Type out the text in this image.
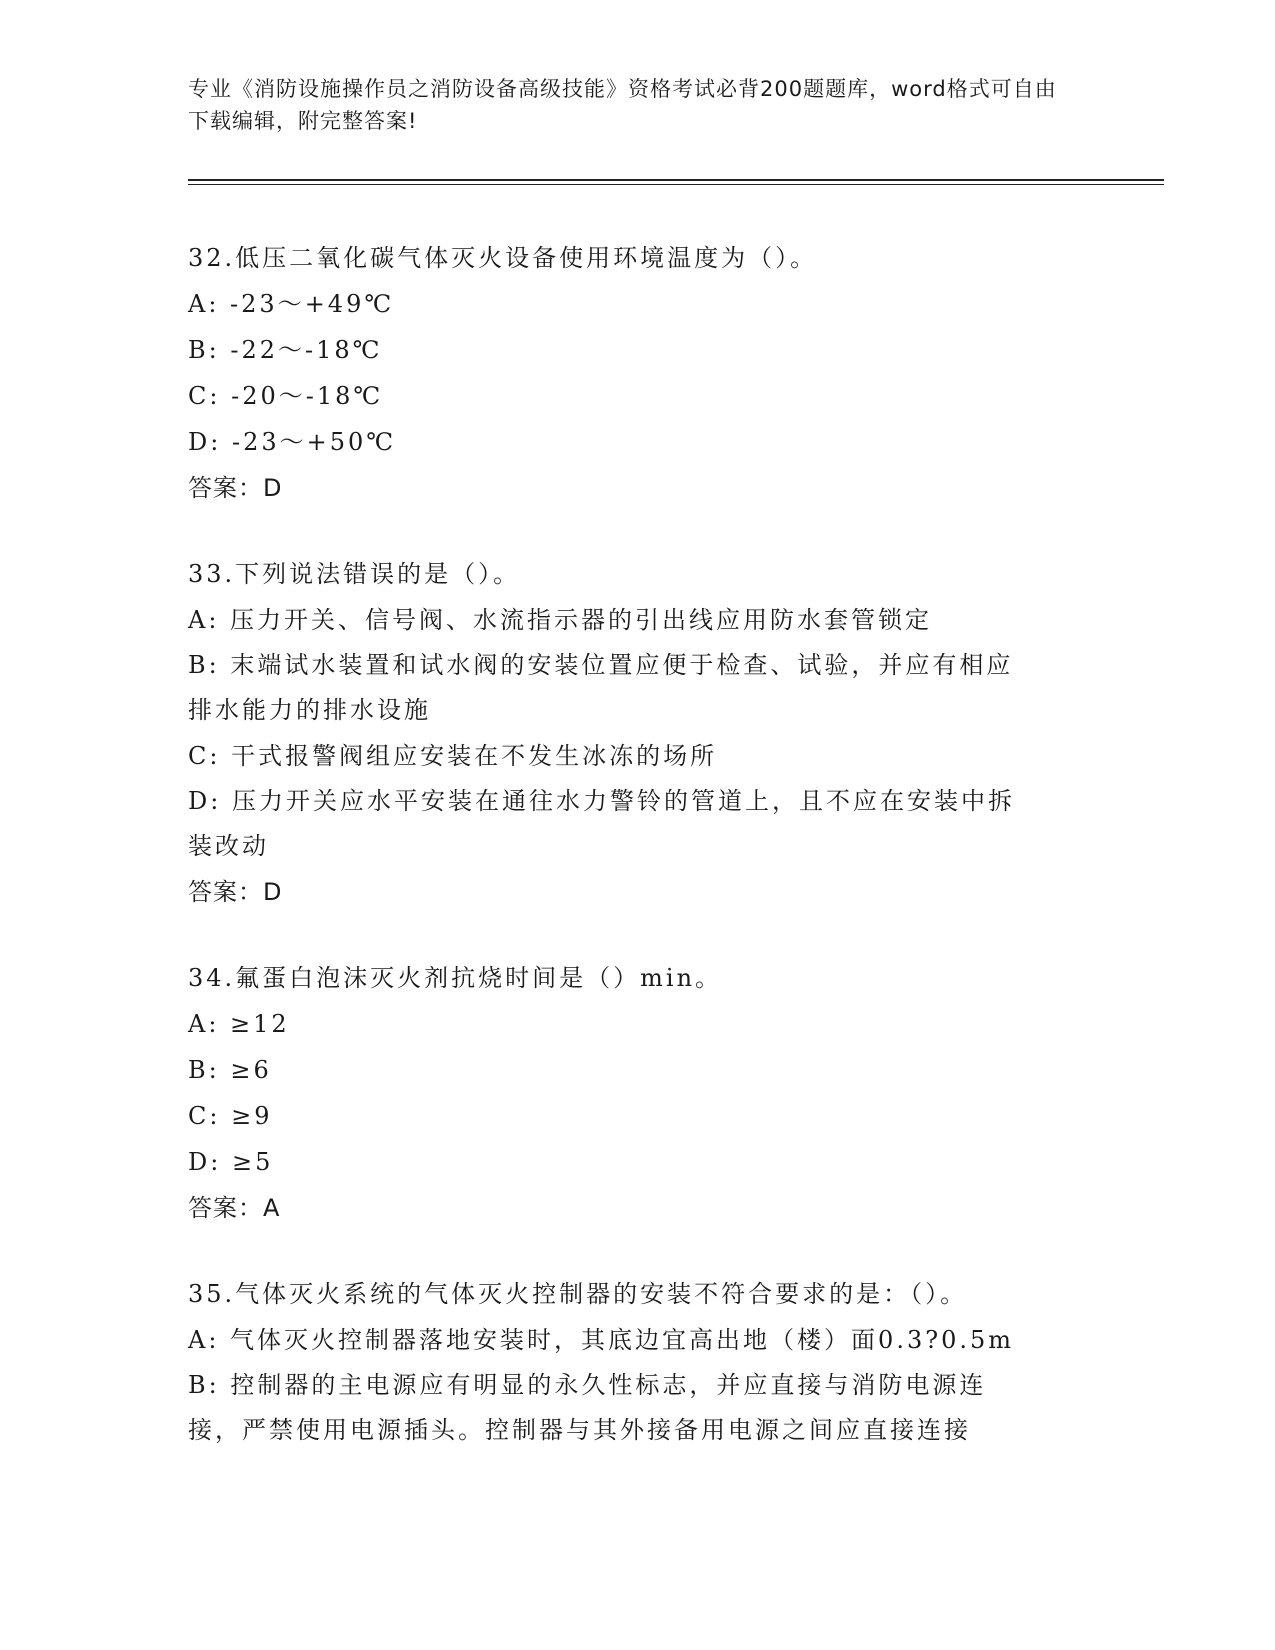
专业《消防设施操作员之消防设备高级技能》资格考试必背200题题库，word格式可自由下载编辑，附完整答案!
32.低压二氧化碳气体灭火设备使用环境温度为（）。
A: -23～+49℃
B: -22～-18℃
C: -20～-18℃
D: -23～+50℃
答案：D
33.下列说法错误的是（）。
A: 压力开关、信号阀、水流指示器的引出线应用防水套管锁定
B: 末端试水装置和试水阀的安装位置应便于检查、试验，并应有相应排水能力的排水设施
C: 干式报警阀组应安装在不发生冰冻的场所
D: 压力开关应水平安装在通往水力警铃的管道上，且不应在安装中拆装改动
答案：D
34.氟蛋白泡沫灭火剂抗烧时间是（）min。
A: ≥12
B: ≥6
C: ≥9
D: ≥5
答案：A
35.气体灭火系统的气体灭火控制器的安装不符合要求的是：（）。
A: 气体灭火控制器落地安装时，其底边宜高出地（楼）面0.3?0.5m
B: 控制器的主电源应有明显的永久性标志，并应直接与消防电源连接，严禁使用电源插头。控制器与其外接备用电源之间应直接连接
